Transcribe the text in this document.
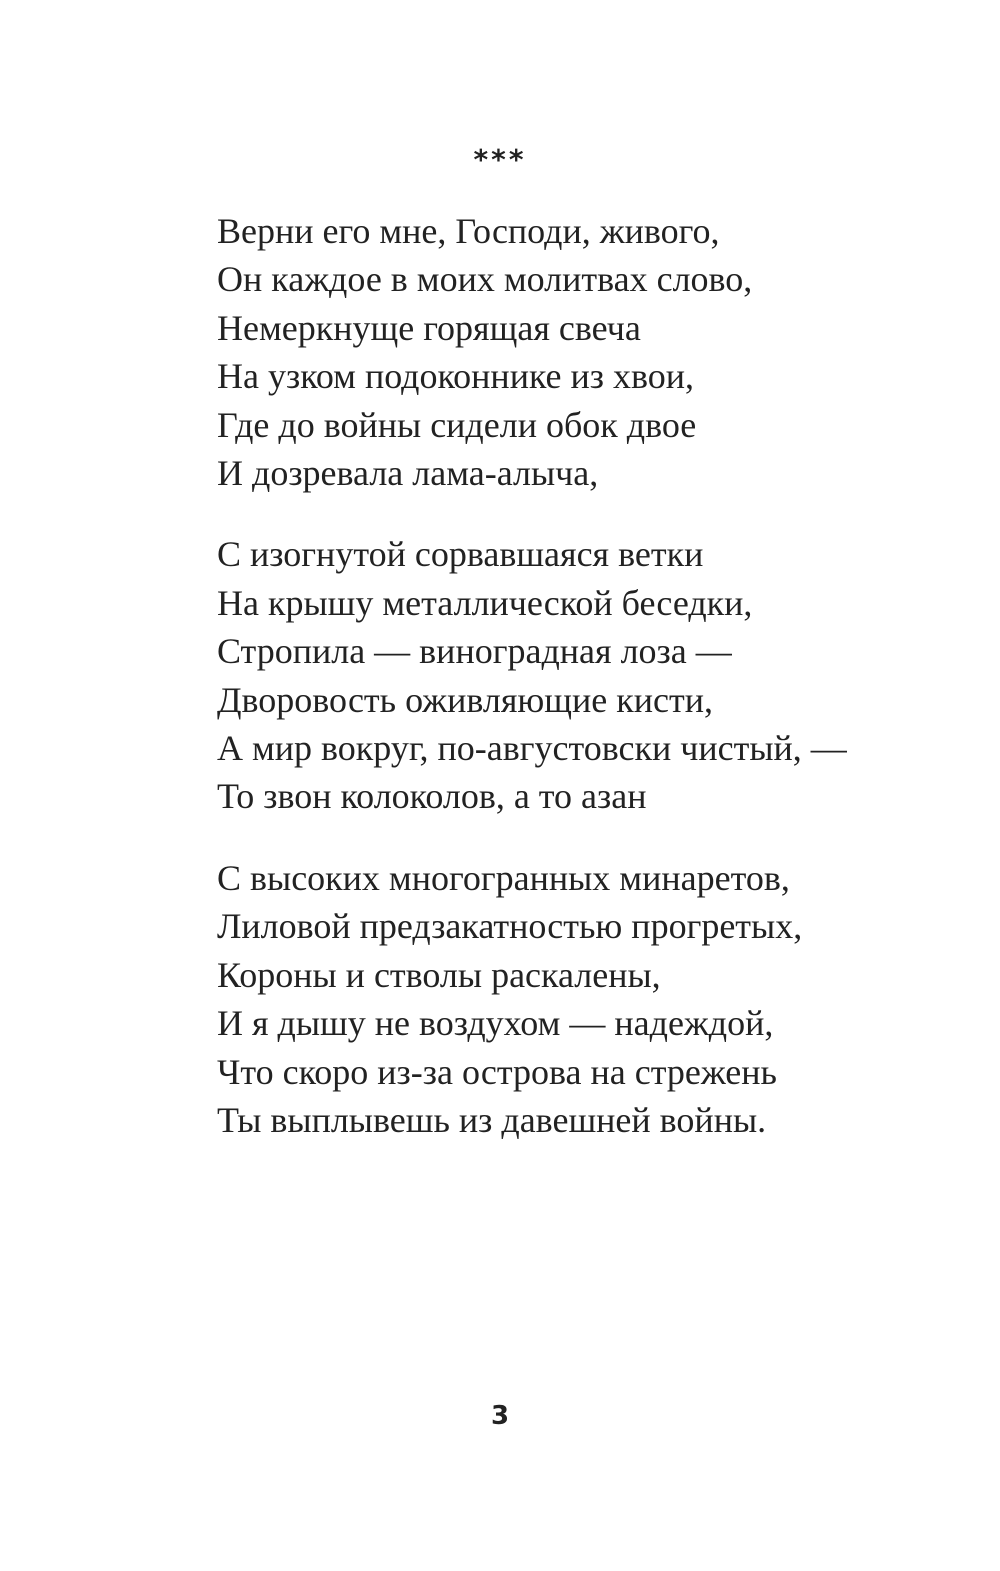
***
Верни его мне, Господи, живого,
Он каждое в моих молитвах слово,
Немеркнуще горящая свеча
На узком подоконнике из хвои,
Где до войны сидели обок двое
И дозревала лама-алыча,
С изогнутой сорвавшаяся ветки
На крышу металлической беседки,
Стропила — виноградная лоза —
Дворовость оживляющие кисти,
А мир вокруг, по-августовски чистый, —
То звон колоколов, а то азан
С высоких многогранных минаретов,
Лиловой предзакатностью прогретых,
Короны и стволы раскалены,
И я дышу не воздухом — надеждой,
Что скоро из-за острова на стрежень
Ты выплывешь из давешней войны.
3
